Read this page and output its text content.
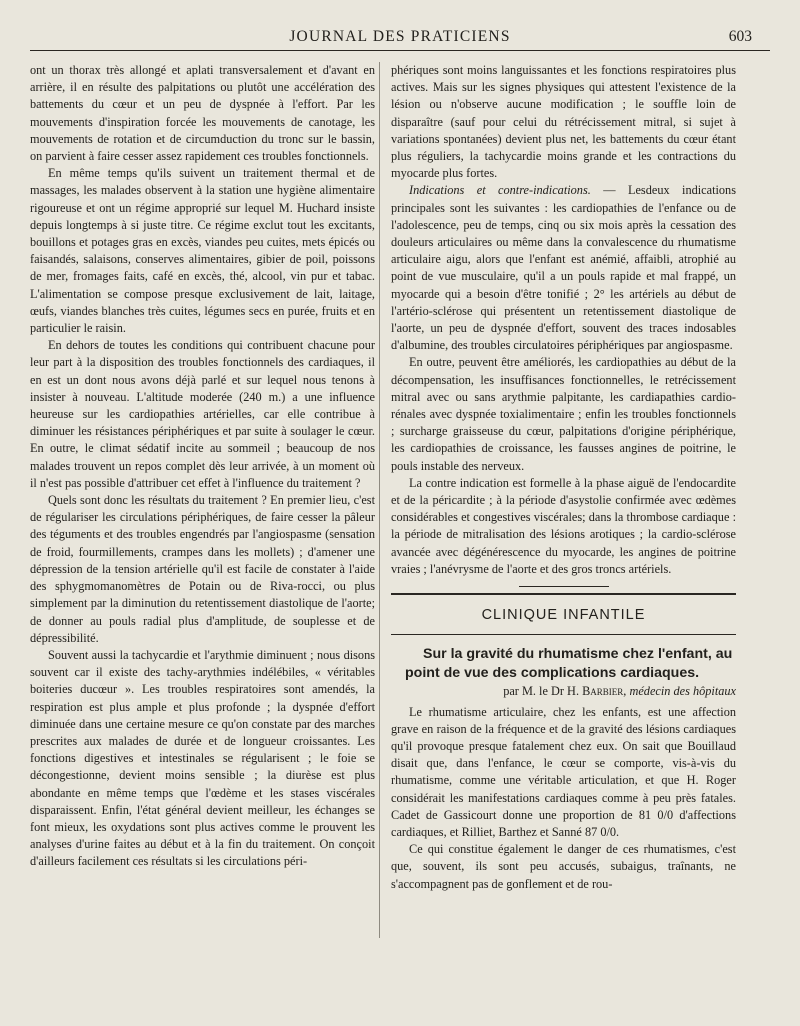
JOURNAL DES PRATICIENS	603

ont un thorax très allongé et aplati transversalement et d'avant en arrière, il en résulte des palpitations ou plutôt une accélération des battements du cœur et un peu de dyspnée à l'effort. Par les mouvements d'inspiration forcée les mouvements de canotage, les mouvements de rotation et de circumduction du tronc sur le bassin, on parvient à faire cesser assez rapidement ces troubles fonctionnels.

En même temps qu'ils suivent un traitement thermal et de massages, les malades observent à la station une hygiène alimentaire rigoureuse et ont un régime approprié sur lequel M. Huchard insiste depuis longtemps à si juste titre. Ce régime exclut tout les excitants, bouillons et potages gras en excès, viandes peu cuites, mets épicés ou faisandés, salaisons, conserves alimentaires, gibier de poil, poissons de mer, fromages faits, café en excès, thé, alcool, vin pur et tabac. L'alimentation se compose presque exclusivement de lait, laitage, œufs, viandes blanches très cuites, légumes secs en purée, fruits et en particulier le raisin.

En dehors de toutes les conditions qui contribuent chacune pour leur part à la disposition des troubles fonctionnels des cardiaques, il en est un dont nous avons déjà parlé et sur lequel nous tenons à insister à nouveau. L'altitude moderée (240 m.) a une influence heureuse sur les cardiopathies artérielles, car elle contribue à diminuer les résistances périphériques et par suite à soulager le cœur. En outre, le climat sédatif incite au sommeil ; beaucoup de nos malades trouvent un repos complet dès leur arrivée, à un moment où il n'est pas possible d'attribuer cet effet à l'influence du traitement ?

Quels sont donc les résultats du traitement ? En premier lieu, c'est de régulariser les circulations périphériques, de faire cesser la pâleur des téguments et des troubles engendrés par l'angiospasme (sensation de froid, fourmillements, crampes dans les mollets) ; d'amener une dépression de la tension artérielle qu'il est facile de constater à l'aide des sphygmomanomètres de Potain ou de Riva-rocci, ou plus simplement par la diminution du retentissement diastolique de l'aorte; de donner au pouls radial plus d'amplitude, de souplesse et de dépressibilité.

Souvent aussi la tachycardie et l'arythmie diminuent ; nous disons souvent car il existe des tachy-arythmies indélébiles, « véritables boiteries ducœur ». Les troubles respiratoires sont amendés, la respiration est plus ample et plus profonde ; la dyspnée d'effort diminuée dans une certaine mesure ce qu'on constate par des marches prescrites aux malades de durée et de longueur croissantes. Les fonctions digestives et intestinales se régularisent ; le foie se décongestionne, devient moins sensible ; la diurèse est plus abondante en même temps que l'œdème et les stases viscérales disparaissent. Enfin, l'état général devient meilleur, les échanges se font mieux, les oxydations sont plus actives comme le prouvent les analyses d'urine faites au début et à la fin du traitement. On conçoit d'ailleurs facilement ces résultats si les circulations péri-

phériques sont moins languissantes et les fonctions respiratoires plus actives. Mais sur les signes physiques qui attestent l'existence de la lésion ou n'observe aucune modification ; le souffle loin de disparaître (sauf pour celui du rétrécissement mitral, si sujet à variations spontanées) devient plus net, les battements du cœur étant plus réguliers, la tachycardie moins grande et les contractions du myocarde plus fortes.

Indications et contre-indications. — Lesdeux indications principales sont les suivantes : les cardiopathies de l'enfance ou de l'adolescence, peu de temps, cinq ou six mois après la cessation des douleurs articulaires ou même dans la convalescence du rhumatisme articulaire aigu, alors que l'enfant est anémié, affaibli, atrophié au point de vue musculaire, qu'il a un pouls rapide et mal frappé, un myocarde qui a besoin d'être tonifié ; 2° les artériels au début de l'artério-sclérose qui présentent un retentissement diastolique de l'aorte, un peu de dyspnée d'effort, souvent des traces indosables d'albumine, des troubles circulatoires périphériques par angiospasme.

En outre, peuvent être améliorés, les cardiopathies au début de la décompensation, les insuffisances fonctionnelles, le retrécissement mitral avec ou sans arythmie palpitante, les cardiapathies cardio-rénales avec dyspnée toxialimentaire ; enfin les troubles fonctionnels ; surcharge graisseuse du cœur, palpitations d'origine périphérique, les cardiopathies de croissance, les fausses angines de poitrine, le pouls instable des nerveux.

La contre indication est formelle à la phase aiguë de l'endocardite et de la péricardite ; à la période d'asystolie confirmée avec œdèmes considérables et congestives viscérales; dans la thrombose cardiaque : la période de mitralisation des lésions arotiques ; la cardio-sclérose avancée avec dégénérescence du myocarde, les angines de poitrine vraies ; l'anévrysme de l'aorte et des gros troncs artériels.

CLINIQUE INFANTILE

Sur la gravité du rhumatisme chez l'enfant, au point de vue des complications cardiaques.

par M. le Dr H. Barbier, médecin des hôpitaux

Le rhumatisme articulaire, chez les enfants, est une affection grave en raison de la fréquence et de la gravité des lésions cardiaques qu'il provoque presque fatalement chez eux. On sait que Bouillaud disait que, dans l'enfance, le cœur se comporte, vis-à-vis du rhumatisme, comme une véritable articulation, et que H. Roger considérait les manifestations cardiaques comme à peu près fatales. Cadet de Gassicourt donne une proportion de 81 0/0 d'affections cardiaques, et Rilliet, Barthez et Sanné 87 0/0.

Ce qui constitue également le danger de ces rhumatismes, c'est que, souvent, ils sont peu accusés, subaigus, traînants, ne s'accompagnent pas de gonflement et de rou-
